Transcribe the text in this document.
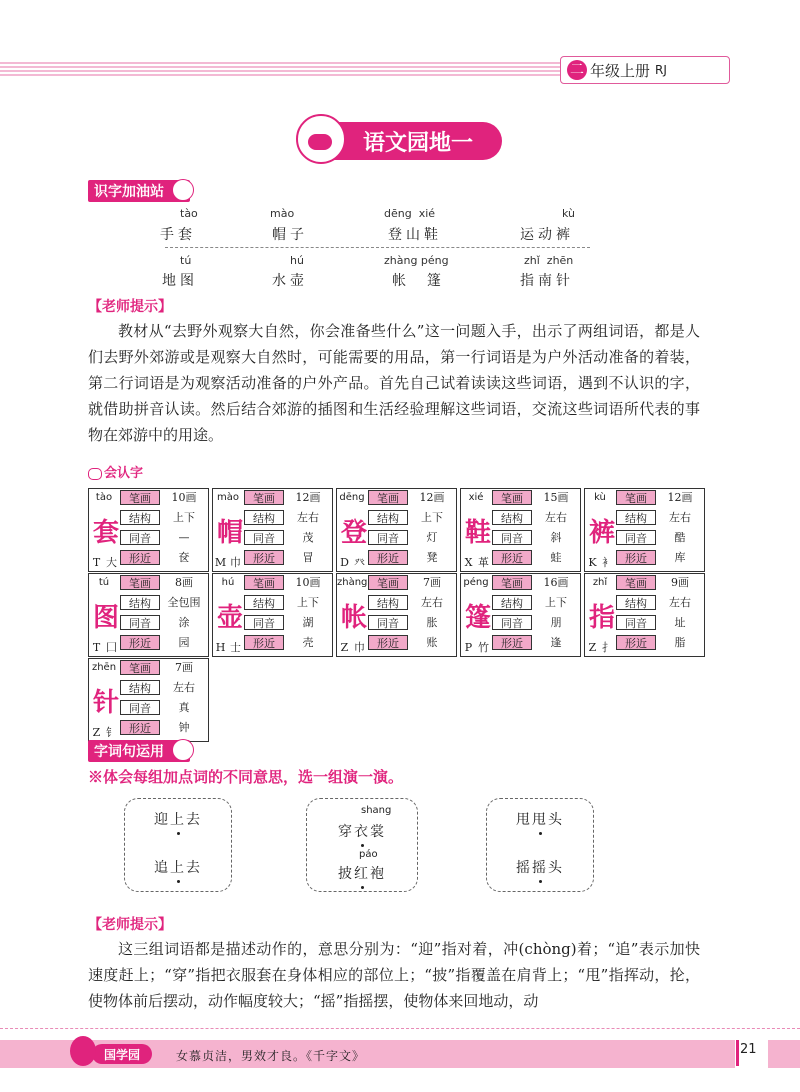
二 年级上册 RJ
语文园地一
识字加油站
tào
手套
mào
帽子
dēng  xié
登山鞋
kù
运动裤
tú
地图
hú
水壶
zhàng péng
帐  篷
zhǐ  zhēn
指南针
【老师提示】
教材从“去野外观察大自然，你会准备些什么”这一问题入手，出示了两组词语，都是人们去野外郊游或是观察大自然时，可能需要的用品，第一行词语是为户外活动准备的着装，第二行词语是为观察活动准备的户外产品。首先自己试着读读这些词语，遇到不认识的字，就借助拼音认读。然后结合郊游的插图和生活经验理解这些词语，交流这些词语所代表的事物在郊游中的用途。
会认字
tào
套
笔画	10画
结构	上下
同音	—
形近	奁
T 大
mào
帽
笔画	12画
结构	左右
同音	茂
形近	冒
M 巾
dēng
登
笔画	12画
结构	上下
同音	灯
形近	凳
D 癶
xié
鞋
笔画	15画
结构	左右
同音	斜
形近	蛙
X 革
kù
裤
笔画	12画
结构	左右
同音	酷
形近	库
K 衤
tú
图
笔画	8画
结构	全包围
同音	涂
形近	园
T 囗
hú
壶
笔画	10画
结构	上下
同音	湖
形近	壳
H 士
zhàng
帐
笔画	7画
结构	左右
同音	胀
形近	账
Z 巾
péng
篷
笔画	16画
结构	上下
同音	朋
形近	逢
P 竹
zhǐ
指
笔画	9画
结构	左右
同音	址
形近	脂
Z 扌
zhēn
针
笔画	7画
结构	左右
同音	真
形近	钟
Z 钅
字词句运用
※体会每组加点词的不同意思，选一组演一演。
迎上去
追上去
shang
穿衣裳
páo
披红袍
甩甩头
摇摇头
【老师提示】
这三组词语都是描述动作的，意思分别为：“迎”指对着，冲(chòng)着；“追”表示加快速度赶上；“穿”指把衣服套在身体相应的部位上；“披”指覆盖在肩背上；“甩”指挥动，抡，使物体前后摆动，动作幅度较大；“摇”指摇摆，使物体来回地动，动
国学园	女慕贞洁，男效才良。《千字文》	21
